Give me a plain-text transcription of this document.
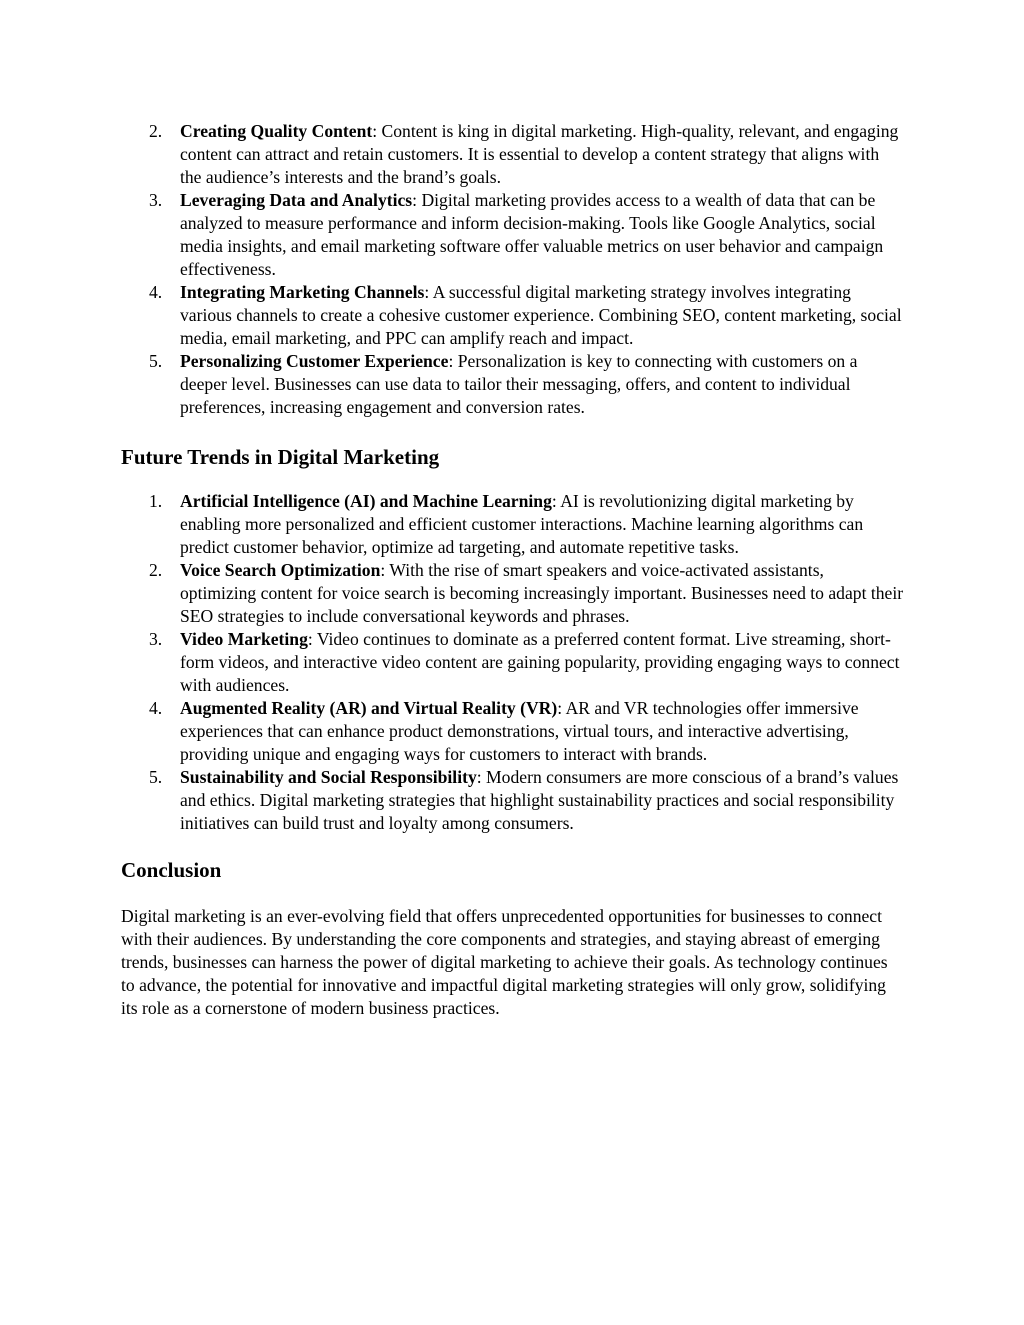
2. Creating Quality Content: Content is king in digital marketing. High-quality, relevant, and engaging content can attract and retain customers. It is essential to develop a content strategy that aligns with the audience’s interests and the brand’s goals.
3. Leveraging Data and Analytics: Digital marketing provides access to a wealth of data that can be analyzed to measure performance and inform decision-making. Tools like Google Analytics, social media insights, and email marketing software offer valuable metrics on user behavior and campaign effectiveness.
4. Integrating Marketing Channels: A successful digital marketing strategy involves integrating various channels to create a cohesive customer experience. Combining SEO, content marketing, social media, email marketing, and PPC can amplify reach and impact.
5. Personalizing Customer Experience: Personalization is key to connecting with customers on a deeper level. Businesses can use data to tailor their messaging, offers, and content to individual preferences, increasing engagement and conversion rates.
Future Trends in Digital Marketing
1. Artificial Intelligence (AI) and Machine Learning: AI is revolutionizing digital marketing by enabling more personalized and efficient customer interactions. Machine learning algorithms can predict customer behavior, optimize ad targeting, and automate repetitive tasks.
2. Voice Search Optimization: With the rise of smart speakers and voice-activated assistants, optimizing content for voice search is becoming increasingly important. Businesses need to adapt their SEO strategies to include conversational keywords and phrases.
3. Video Marketing: Video continues to dominate as a preferred content format. Live streaming, short-form videos, and interactive video content are gaining popularity, providing engaging ways to connect with audiences.
4. Augmented Reality (AR) and Virtual Reality (VR): AR and VR technologies offer immersive experiences that can enhance product demonstrations, virtual tours, and interactive advertising, providing unique and engaging ways for customers to interact with brands.
5. Sustainability and Social Responsibility: Modern consumers are more conscious of a brand’s values and ethics. Digital marketing strategies that highlight sustainability practices and social responsibility initiatives can build trust and loyalty among consumers.
Conclusion

Digital marketing is an ever-evolving field that offers unprecedented opportunities for businesses to connect with their audiences. By understanding the core components and strategies, and staying abreast of emerging trends, businesses can harness the power of digital marketing to achieve their goals. As technology continues to advance, the potential for innovative and impactful digital marketing strategies will only grow, solidifying its role as a cornerstone of modern business practices.
